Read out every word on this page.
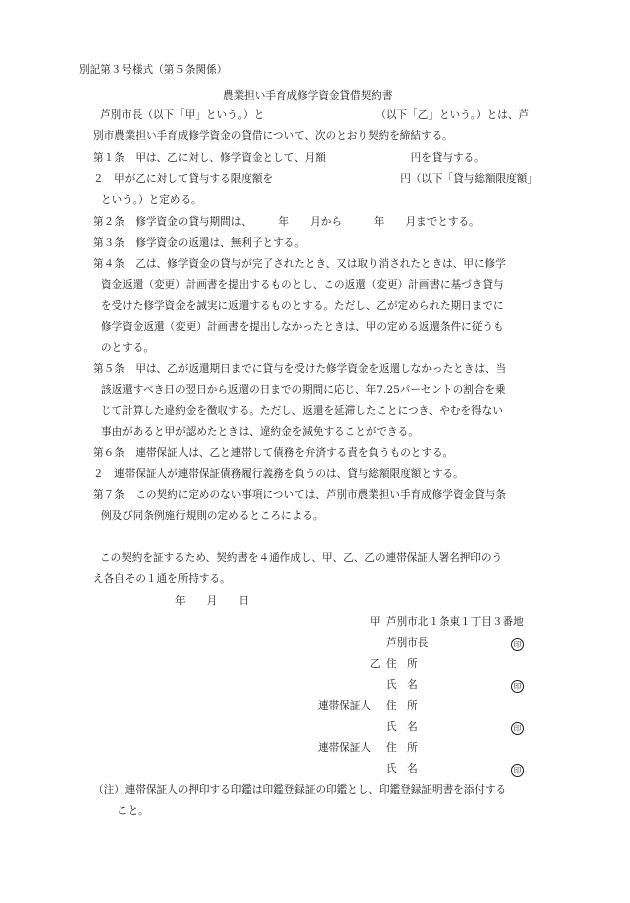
別記第３号様式（第５条関係）
農業担い手育成修学資金貸借契約書
芦別市長（以下「甲」という。）と　　　　　　　　　　　（以下「乙」という。）とは、芦
別市農業担い手育成修学資金の貸借について、次のとおり契約を締結する。
第１条　甲は、乙に対し、修学資金として、月額　　　　　　　　円を貸与する。
２　甲が乙に対して貸与する限度額を　　　　　　　　　　　　円（以下「貸与総額限度額」
という。）と定める。
第２条　修学資金の貸与期間は、　　　年　　月から　　　年　　月までとする。
第３条　修学資金の返還は、無利子とする。
第４条　乙は、修学資金の貸与が完了されたとき、又は取り消されたときは、甲に修学
資金返還（変更）計画書を提出するものとし、この返還（変更）計画書に基づき貸与
を受けた修学資金を誠実に返還するものとする。ただし、乙が定められた期日までに
修学資金返還（変更）計画書を提出しなかったときは、甲の定める返還条件に従うも
のとする。
第５条　甲は、乙が返還期日までに貸与を受けた修学資金を返還しなかったときは、当
該返還すべき日の翌日から返還の日までの期間に応じ、年7.25パーセントの割合を乗
じて計算した違約金を徴収する。ただし、返還を延滞したことにつき、やむを得ない
事由があると甲が認めたときは、違約金を減免することができる。
第６条　連帯保証人は、乙と連帯して債務を弁済する責を負うものとする。
２　連帯保証人が連帯保証債務履行義務を負うのは、貸与総額限度額とする。
第７条　この契約に定めのない事項については、芦別市農業担い手育成修学資金貸与条
例及び同条例施行規則の定めるところによる。
この契約を証するため、契約書を４通作成し、甲、乙、乙の連帯保証人署名押印のう
え各自その１通を所持する。
年　　月　　日
甲 芦別市北１条東１丁目３番地
芦別市長	印
乙 住　所
氏　名	印
連帯保証人 住　所
氏　名	印
連帯保証人 住　所
氏　名	印
（注）連帯保証人の押印する印鑑は印鑑登録証の印鑑とし、印鑑登録証明書を添付する
こと。
